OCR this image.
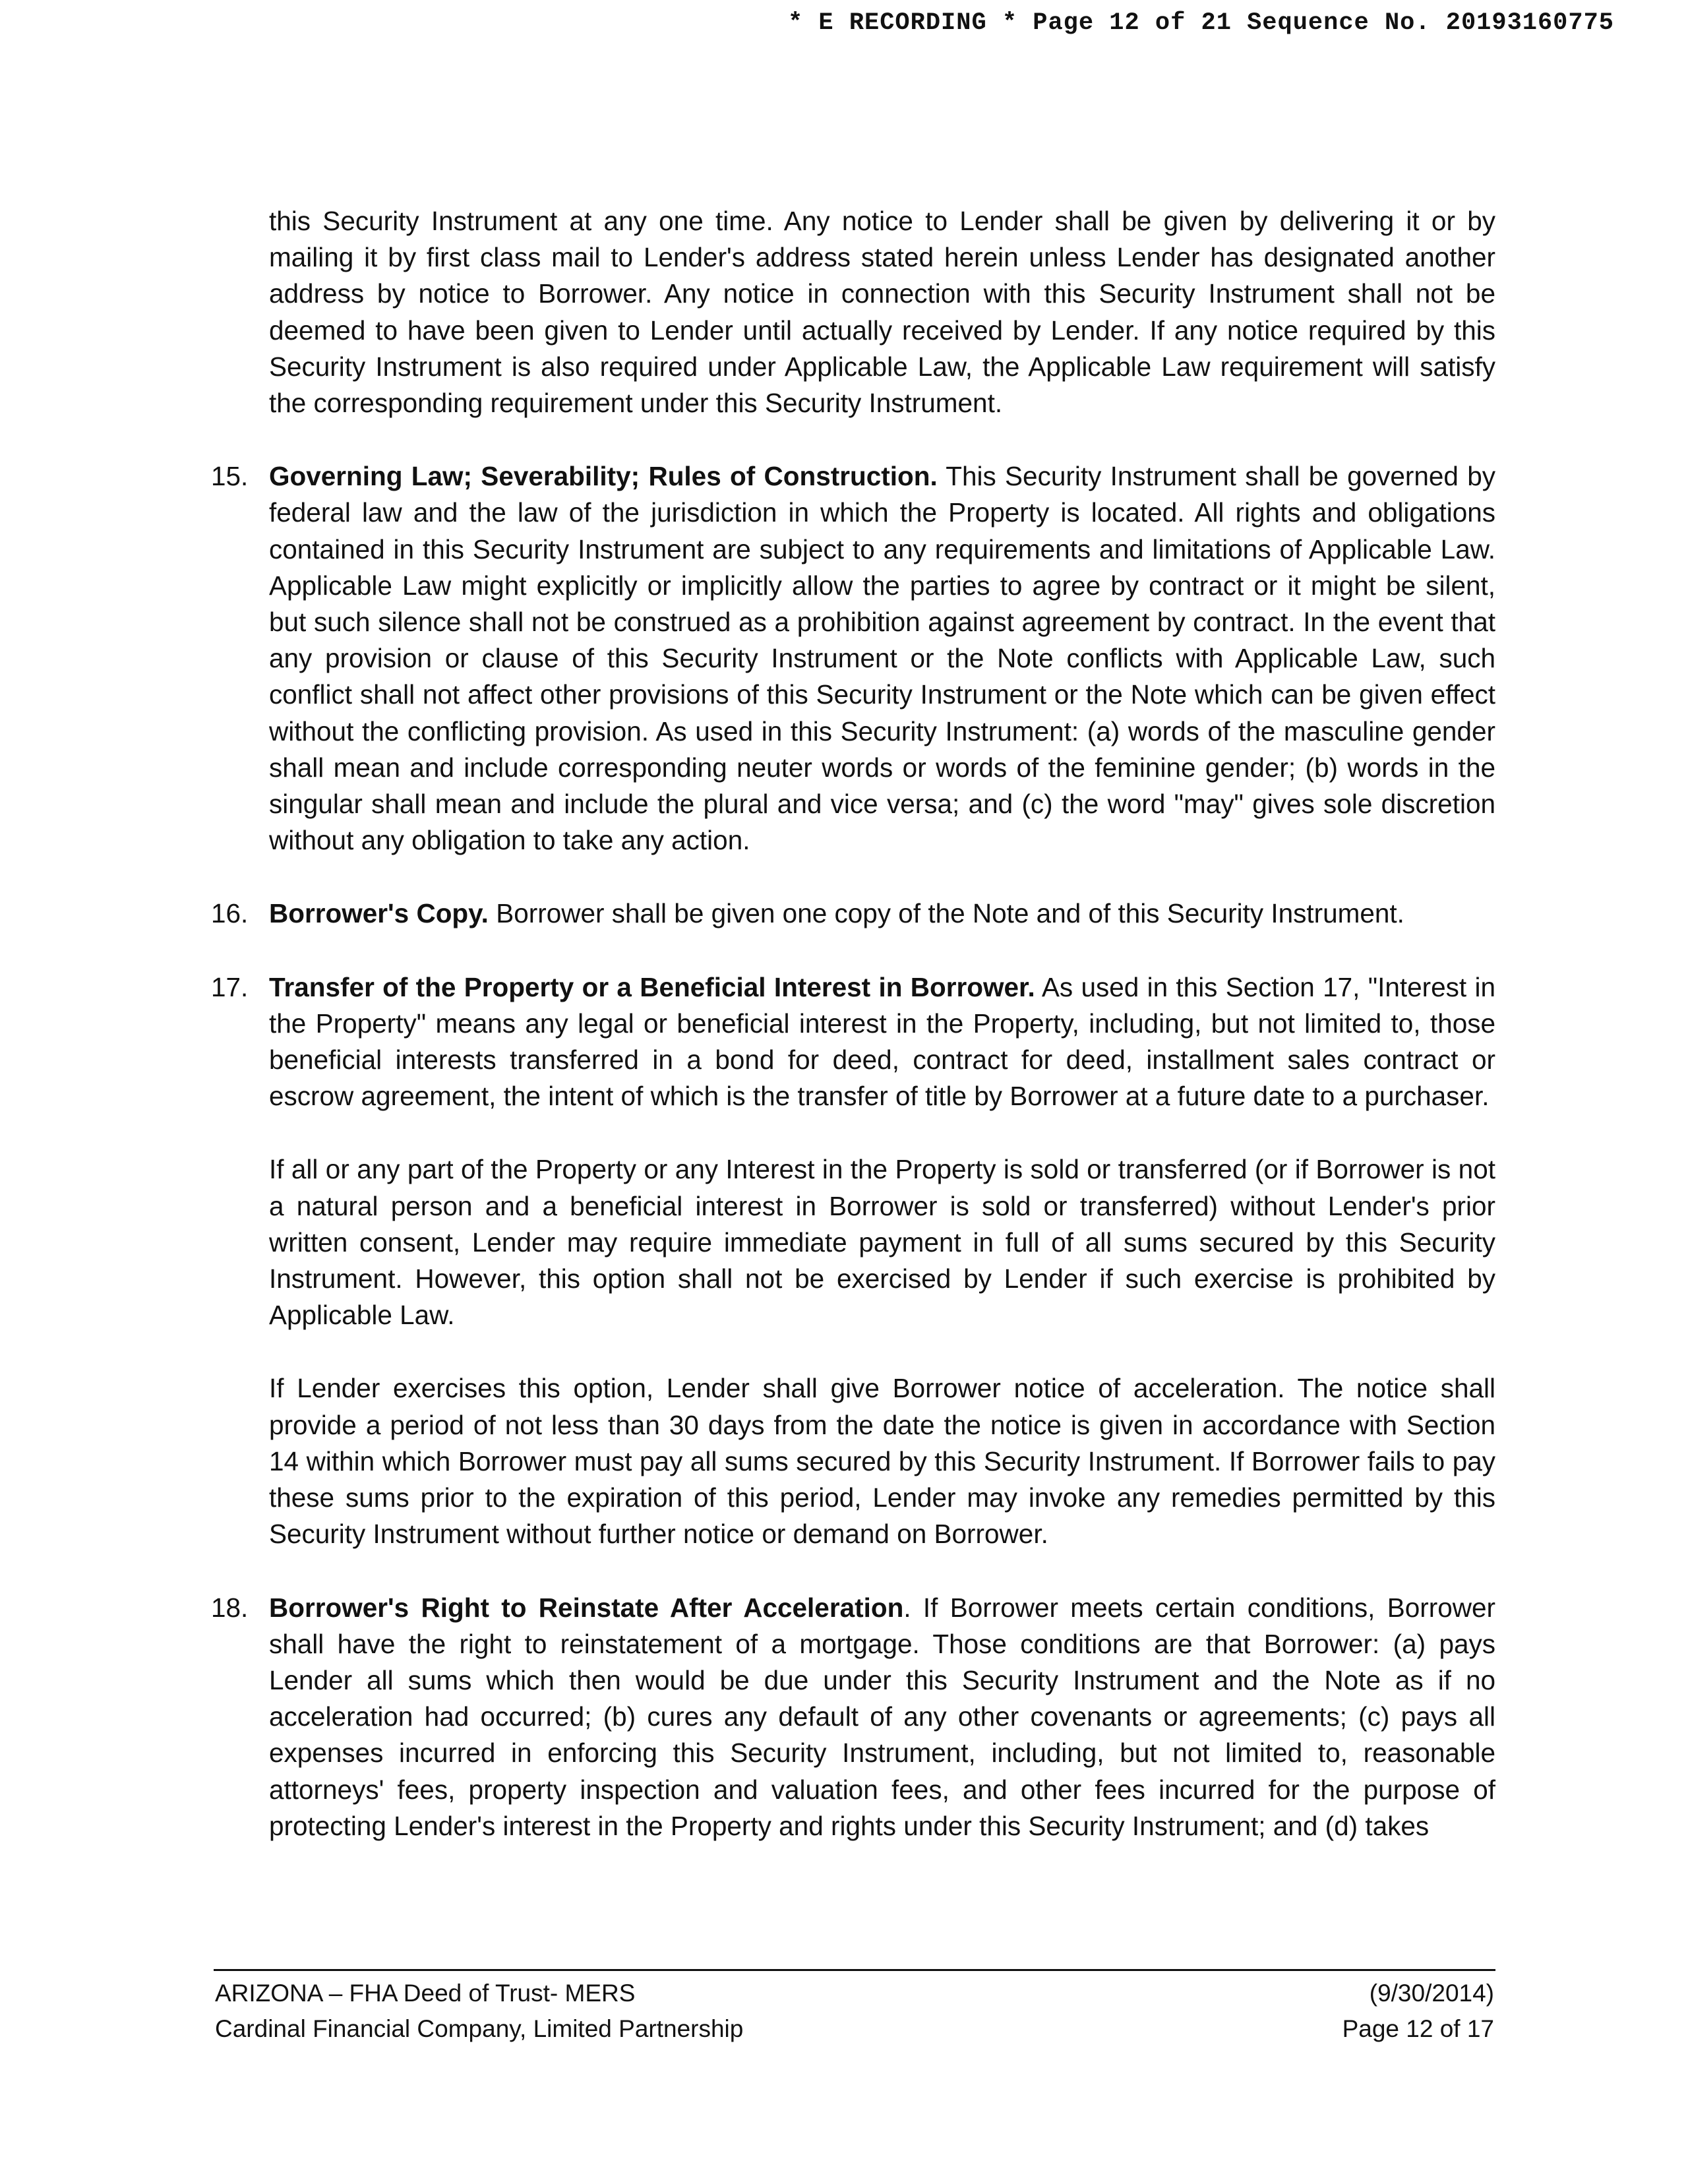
* E RECORDING * Page 12 of 21 Sequence No. 20193160775

this Security Instrument at any one time. Any notice to Lender shall be given by delivering it or by mailing it by first class mail to Lender's address stated herein unless Lender has designated another address by notice to Borrower. Any notice in connection with this Security Instrument shall not be deemed to have been given to Lender until actually received by Lender. If any notice required by this Security Instrument is also required under Applicable Law, the Applicable Law requirement will satisfy the corresponding requirement under this Security Instrument.

15. Governing Law; Severability; Rules of Construction. This Security Instrument shall be governed by federal law and the law of the jurisdiction in which the Property is located. All rights and obligations contained in this Security Instrument are subject to any requirements and limitations of Applicable Law. Applicable Law might explicitly or implicitly allow the parties to agree by contract or it might be silent, but such silence shall not be construed as a prohibition against agreement by contract. In the event that any provision or clause of this Security Instrument or the Note conflicts with Applicable Law, such conflict shall not affect other provisions of this Security Instrument or the Note which can be given effect without the conflicting provision. As used in this Security Instrument: (a) words of the masculine gender shall mean and include corresponding neuter words or words of the feminine gender; (b) words in the singular shall mean and include the plural and vice versa; and (c) the word "may" gives sole discretion without any obligation to take any action.
16. Borrower's Copy. Borrower shall be given one copy of the Note and of this Security Instrument.
17. Transfer of the Property or a Beneficial Interest in Borrower. As used in this Section 17, "Interest in the Property" means any legal or beneficial interest in the Property, including, but not limited to, those beneficial interests transferred in a bond for deed, contract for deed, installment sales contract or escrow agreement, the intent of which is the transfer of title by Borrower at a future date to a purchaser.

If all or any part of the Property or any Interest in the Property is sold or transferred (or if Borrower is not a natural person and a beneficial interest in Borrower is sold or transferred) without Lender's prior written consent, Lender may require immediate payment in full of all sums secured by this Security Instrument. However, this option shall not be exercised by Lender if such exercise is prohibited by Applicable Law.

If Lender exercises this option, Lender shall give Borrower notice of acceleration. The notice shall provide a period of not less than 30 days from the date the notice is given in accordance with Section 14 within which Borrower must pay all sums secured by this Security Instrument. If Borrower fails to pay these sums prior to the expiration of this period, Lender may invoke any remedies permitted by this Security Instrument without further notice or demand on Borrower.

18. Borrower's Right to Reinstate After Acceleration. If Borrower meets certain conditions, Borrower shall have the right to reinstatement of a mortgage. Those conditions are that Borrower: (a) pays Lender all sums which then would be due under this Security Instrument and the Note as if no acceleration had occurred; (b) cures any default of any other covenants or agreements; (c) pays all expenses incurred in enforcing this Security Instrument, including, but not limited to, reasonable attorneys' fees, property inspection and valuation fees, and other fees incurred for the purpose of protecting Lender's interest in the Property and rights under this Security Instrument; and (d) takes
ARIZONA – FHA Deed of Trust- MERS
Cardinal Financial Company, Limited Partnership
(9/30/2014)
Page 12 of 17
